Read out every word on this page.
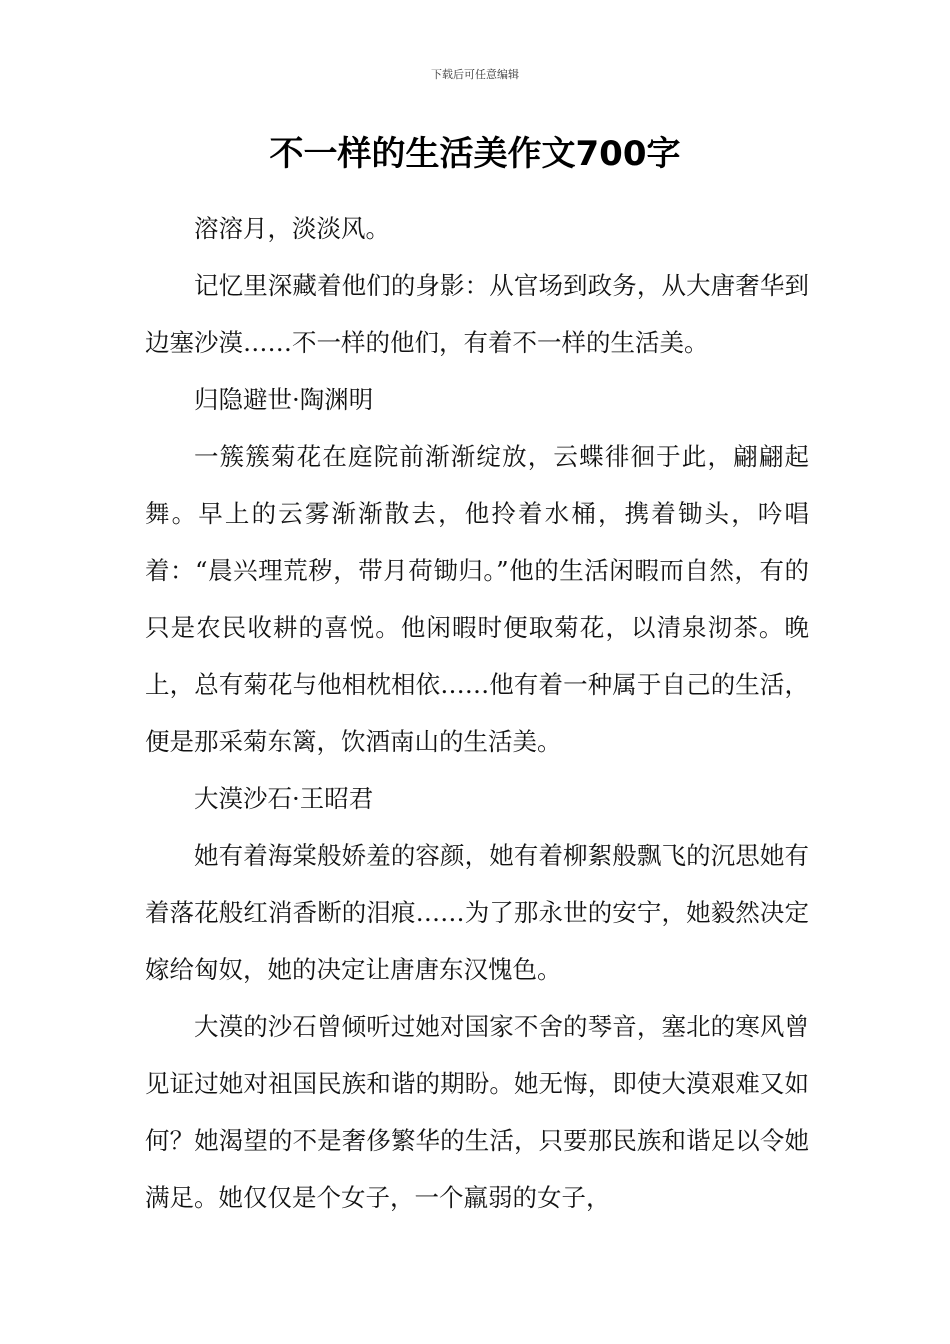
下载后可任意编辑
不一样的生活美作文700字

溶溶月，淡淡风。

记忆里深藏着他们的身影：从官场到政务，从大唐奢华到边塞沙漠……不一样的他们，有着不一样的生活美。

归隐避世·陶渊明

一簇簇菊花在庭院前渐渐绽放，云蝶徘徊于此，翩翩起舞。早上的云雾渐渐散去，他拎着水桶，携着锄头，吟唱着：“晨兴理荒秽，带月荷锄归。”他的生活闲暇而自然，有的只是农民收耕的喜悦。他闲暇时便取菊花，以清泉沏茶。晚上，总有菊花与他相枕相依……他有着一种属于自己的生活，便是那采菊东篱，饮酒南山的生活美。

大漠沙石·王昭君

她有着海棠般娇羞的容颜，她有着柳絮般飘飞的沉思她有着落花般红消香断的泪痕……为了那永世的安宁，她毅然决定嫁给匈奴，她的决定让唐唐东汉愧色。

大漠的沙石曾倾听过她对国家不舍的琴音，塞北的寒风曾见证过她对祖国民族和谐的期盼。她无悔，即使大漠艰难又如何？她渴望的不是奢侈繁华的生活，只要那民族和谐足以令她满足。她仅仅是个女子，一个羸弱的女子，
